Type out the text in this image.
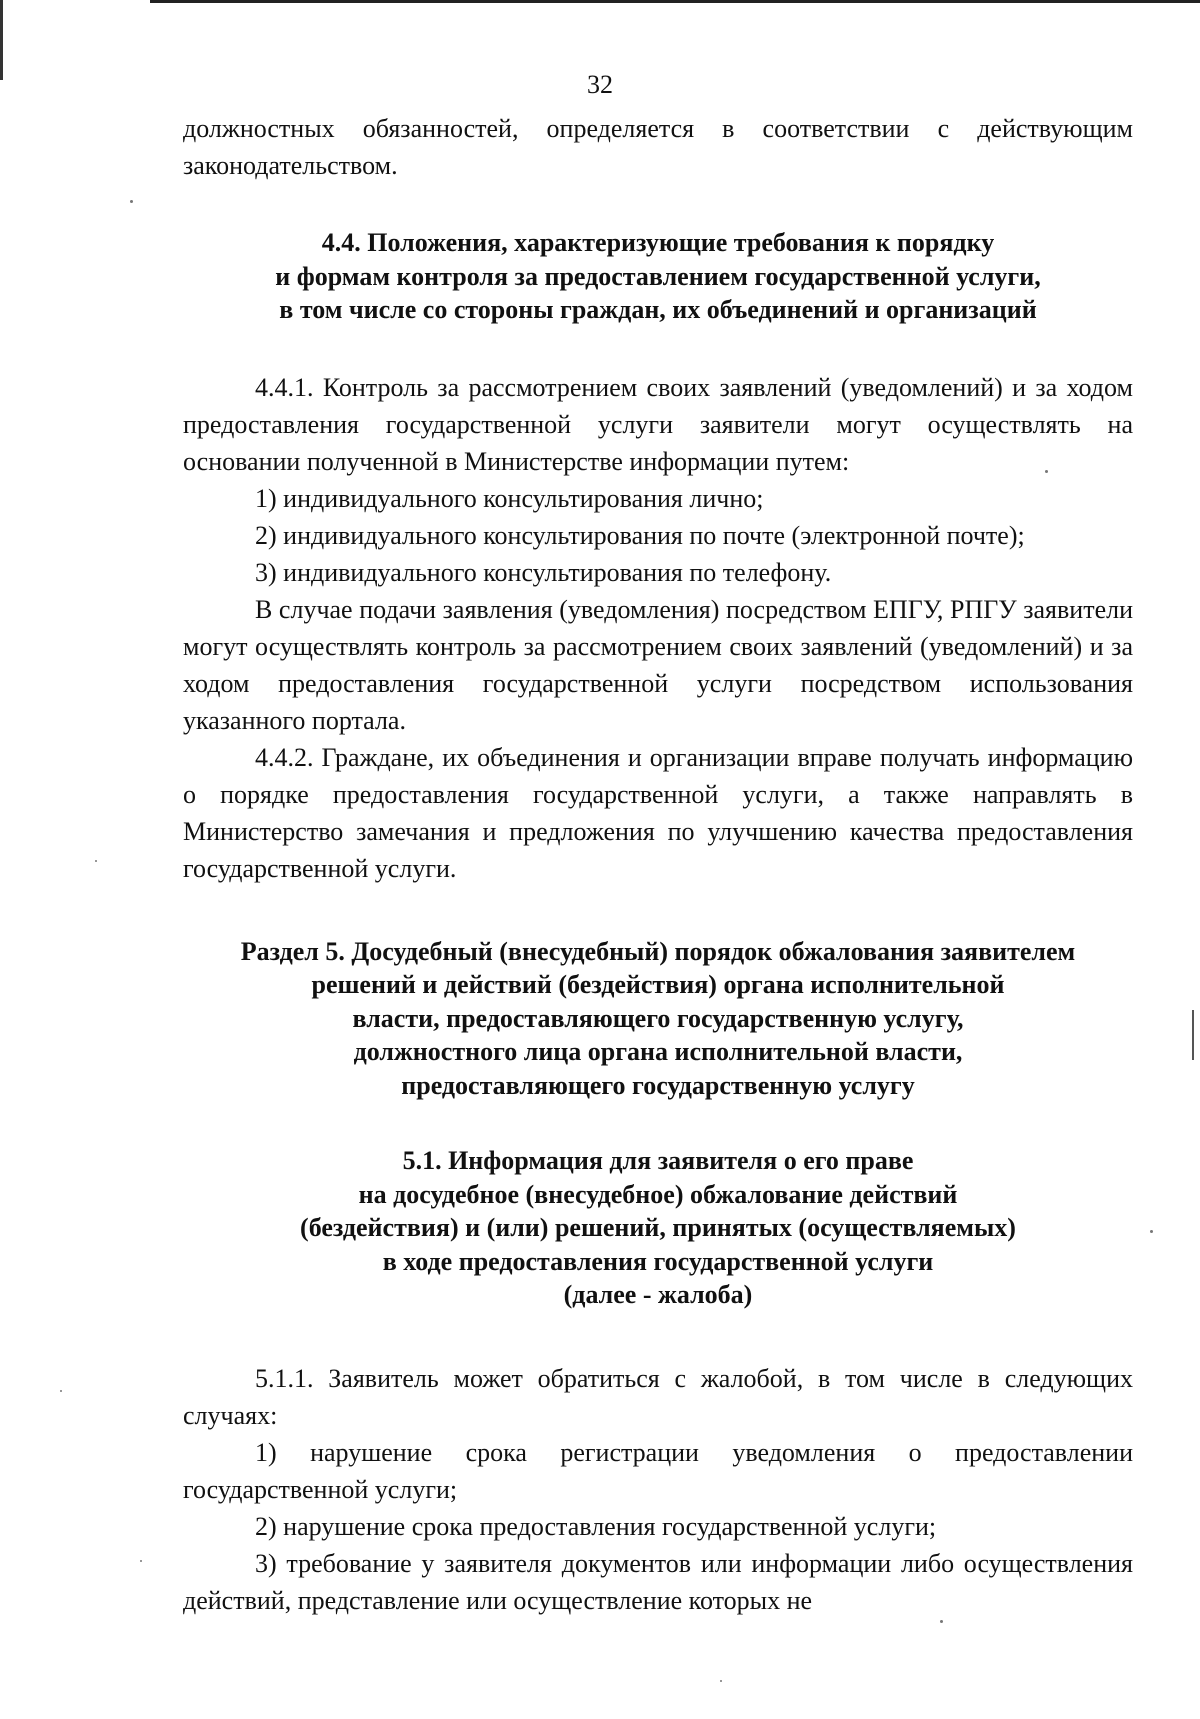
32

должностных обязанностей, определяется в соответствии с действующим законодательством.

4.4. Положения, характеризующие требования к порядку
и формам контроля за предоставлением государственной услуги,
в том числе со стороны граждан, их объединений и организаций

4.4.1. Контроль за рассмотрением своих заявлений (уведомлений) и за ходом предоставления государственной услуги заявители могут осуществлять на основании полученной в Министерстве информации путем:

1) индивидуального консультирования лично;

2) индивидуального консультирования по почте (электронной почте);

3) индивидуального консультирования по телефону.

В случае подачи заявления (уведомления) посредством ЕПГУ, РПГУ заявители могут осуществлять контроль за рассмотрением своих заявлений (уведомлений) и за ходом предоставления государственной услуги посредством использования указанного портала.

4.4.2. Граждане, их объединения и организации вправе получать информацию о порядке предоставления государственной услуги, а также направлять в Министерство замечания и предложения по улучшению качества предоставления государственной услуги.

Раздел 5. Досудебный (внесудебный) порядок обжалования заявителем
решений и действий (бездействия) органа исполнительной
власти, предоставляющего государственную услугу,
должностного лица органа исполнительной власти,
предоставляющего государственную услугу
5.1. Информация для заявителя о его праве
на досудебное (внесудебное) обжалование действий
(бездействия) и (или) решений, принятых (осуществляемых)
в ходе предоставления государственной услуги
(далее - жалоба)

5.1.1. Заявитель может обратиться с жалобой, в том числе в следующих случаях:

1) нарушение срока регистрации уведомления о предоставлении государственной услуги;

2) нарушение срока предоставления государственной услуги;

3) требование у заявителя документов или информации либо осуществления действий, представление или осуществление которых не
